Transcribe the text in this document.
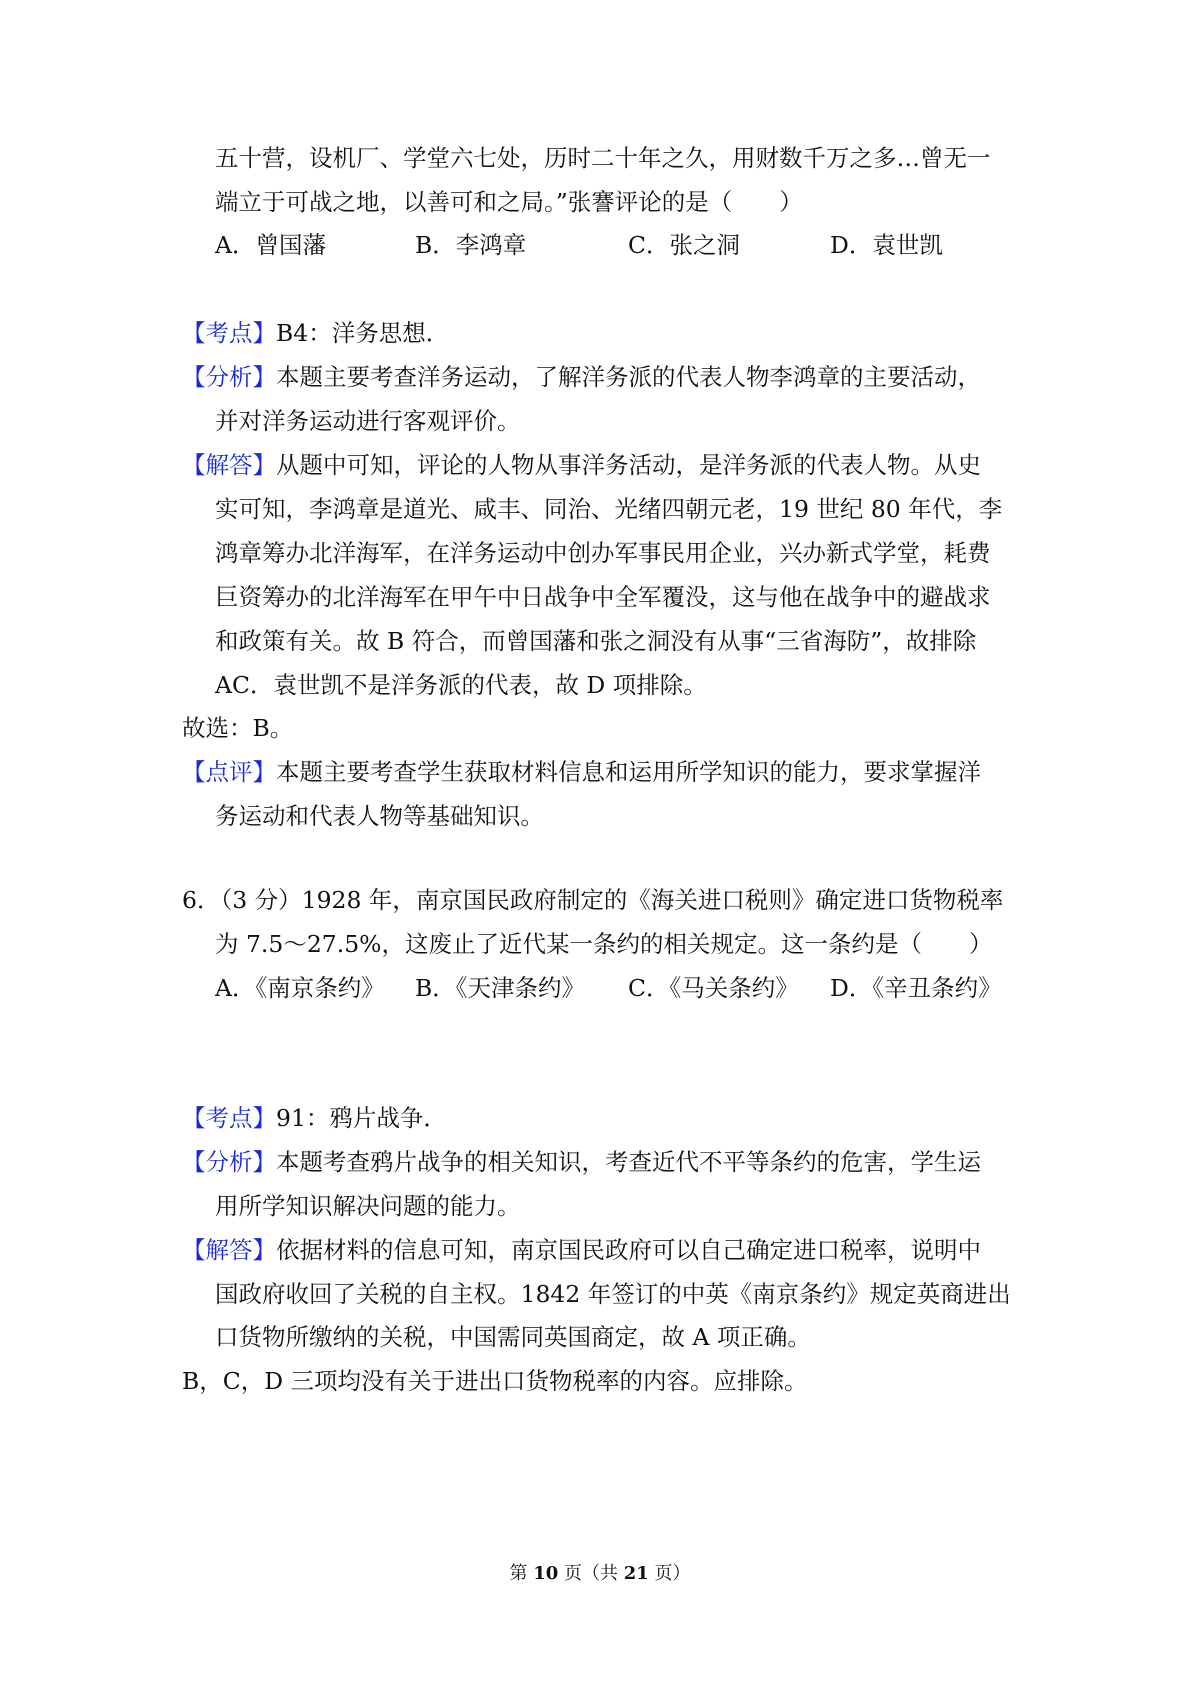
五十营，设机厂、学堂六七处，历时二十年之久，用财数千万之多…曾无一
端立于可战之地，以善可和之局。”张謇评论的是（　　）
A．曾国藩	B．李鸿章	C．张之洞	D．袁世凯
【考点】B4：洋务思想．
【分析】本题主要考查洋务运动，了解洋务派的代表人物李鸿章的主要活动，
并对洋务运动进行客观评价。
【解答】从题中可知，评论的人物从事洋务活动，是洋务派的代表人物。从史
实可知，李鸿章是道光、咸丰、同治、光绪四朝元老，19 世纪 80 年代，李
鸿章筹办北洋海军，在洋务运动中创办军事民用企业，兴办新式学堂，耗费
巨资筹办的北洋海军在甲午中日战争中全军覆没，这与他在战争中的避战求
和政策有关。故 B 符合，而曾国藩和张之洞没有从事“三省海防”，故排除
AC．袁世凯不是洋务派的代表，故 D 项排除。
故选：B。
【点评】本题主要考查学生获取材料信息和运用所学知识的能力，要求掌握洋
务运动和代表人物等基础知识。
6．（3 分）1928 年，南京国民政府制定的《海关进口税则》确定进口货物税率
为 7.5～27.5%，这废止了近代某一条约的相关规定。这一条约是（　　）
A．《南京条约》 B．《天津条约》 C．《马关条约》 D．《辛丑条约》
【考点】91：鸦片战争．
【分析】本题考查鸦片战争的相关知识，考查近代不平等条约的危害，学生运
用所学知识解决问题的能力。
【解答】依据材料的信息可知，南京国民政府可以自己确定进口税率，说明中
国政府收回了关税的自主权。1842 年签订的中英《南京条约》规定英商进出
口货物所缴纳的关税，中国需同英国商定，故 A 项正确。
B，C，D 三项均没有关于进出口货物税率的内容。应排除。
第 10 页（共 21 页）
